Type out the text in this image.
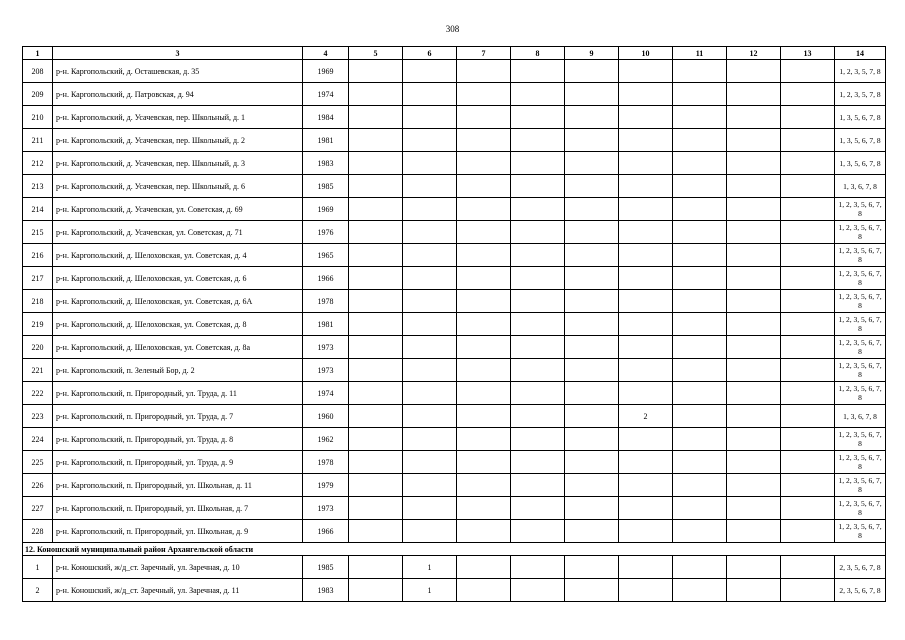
308
1	3	4	5	6	7	8	9	10	11	12	13	14
208	р-н. Каргопольский, д. Осташевская, д. 35	1969										1, 2, 3, 5, 7, 8
209	р-н. Каргопольский, д. Патровская, д. 94	1974										1, 2, 3, 5, 7, 8
210	р-н. Каргопольский, д. Усачевская, пер. Школьный, д. 1	1984										1, 3, 5, 6, 7, 8
211	р-н. Каргопольский, д. Усачевская, пер. Школьный, д. 2	1981										1, 3, 5, 6, 7, 8
212	р-н. Каргопольский, д. Усачевская, пер. Школьный, д. 3	1983										1, 3, 5, 6, 7, 8
213	р-н. Каргопольский, д. Усачевская, пер. Школьный, д. 6	1985										1, 3, 6, 7, 8
214	р-н. Каргопольский, д. Усачевская, ул. Советская, д. 69	1969										1, 2, 3, 5, 6, 7, 8
215	р-н. Каргопольский, д. Усачевская, ул. Советская, д. 71	1976										1, 2, 3, 5, 6, 7, 8
216	р-н. Каргопольский, д. Шелоховская, ул. Советская, д. 4	1965										1, 2, 3, 5, 6, 7, 8
217	р-н. Каргопольский, д. Шелоховская, ул. Советская, д. 6	1966										1, 2, 3, 5, 6, 7, 8
218	р-н. Каргопольский, д. Шелоховская, ул. Советская, д. 6А	1978										1, 2, 3, 5, 6, 7, 8
219	р-н. Каргопольский, д. Шелоховская, ул. Советская, д. 8	1981										1, 2, 3, 5, 6, 7, 8
220	р-н. Каргопольский, д. Шелоховская, ул. Советская, д. 8а	1973										1, 2, 3, 5, 6, 7, 8
221	р-н. Каргопольский, п. Зеленый Бор, д. 2	1973										1, 2, 3, 5, 6, 7, 8
222	р-н. Каргопольский, п. Пригородный, ул. Труда, д. 11	1974										1, 2, 3, 5, 6, 7, 8
223	р-н. Каргопольский, п. Пригородный, ул. Труда, д. 7	1960						2				1, 3, 6, 7, 8
224	р-н. Каргопольский, п. Пригородный, ул. Труда, д. 8	1962										1, 2, 3, 5, 6, 7, 8
225	р-н. Каргопольский, п. Пригородный, ул. Труда, д. 9	1978										1, 2, 3, 5, 6, 7, 8
226	р-н. Каргопольский, п. Пригородный, ул. Школьная, д. 11	1979										1, 2, 3, 5, 6, 7, 8
227	р-н. Каргопольский, п. Пригородный, ул. Школьная, д. 7	1973										1, 2, 3, 5, 6, 7, 8
228	р-н. Каргопольский, п. Пригородный, ул. Школьная, д. 9	1966										1, 2, 3, 5, 6, 7, 8
12. Коношский муниципальный район Архангельской области												
1	р-н. Коношский, ж/д_ст. Заречный, ул. Заречная, д. 10	1985		1								2, 3, 5, 6, 7, 8
2	р-н. Коношский, ж/д_ст. Заречный, ул. Заречная, д. 11	1983		1								2, 3, 5, 6, 7, 8
